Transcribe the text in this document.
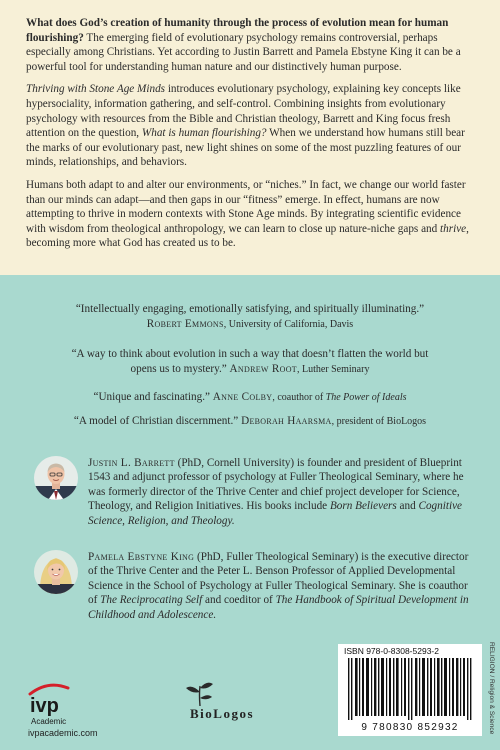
What does God’s creation of humanity through the process of evolution mean for human flourishing? The emerging field of evolutionary psychology remains controversial, perhaps especially among Christians. Yet according to Justin Barrett and Pamela Ebstyne King it can be a powerful tool for understanding human nature and our distinctively human purpose.

Thriving with Stone Age Minds introduces evolutionary psychology, explaining key concepts like hypersociality, information gathering, and self-control. Combining insights from evolutionary psychology with resources from the Bible and Christian theology, Barrett and King focus fresh attention on the question, What is human flourishing? When we understand how humans still bear the marks of our evolutionary past, new light shines on some of the most puzzling features of our minds, relationships, and behaviors.

Humans both adapt to and alter our environments, or “niches.” In fact, we change our world faster than our minds can adapt—and then gaps in our “fitness” emerge. In effect, humans are now attempting to thrive in modern contexts with Stone Age minds. By integrating scientific evidence with wisdom from theological anthropology, we can learn to close up nature-niche gaps and thrive, becoming more what God has created us to be.

“Intellectually engaging, emotionally satisfying, and spiritually illuminating.”
Robert Emmons, University of California, Davis
“A way to think about evolution in such a way that doesn’t flatten the world but
opens us to mystery.” Andrew Root, Luther Seminary
“Unique and fascinating.” Anne Colby, coauthor of The Power of Ideals
“A model of Christian discernment.” Deborah Haarsma, president of BioLogos
Justin L. Barrett (PhD, Cornell University) is founder and president of Blueprint 1543 and adjunct professor of psychology at Fuller Theological Seminary, where he was formerly director of the Thrive Center and chief project developer for Science, Theology, and Religion Initiatives. His books include Born Believers and Cognitive Science, Religion, and Theology.
Pamela Ebstyne King (PhD, Fuller Theological Seminary) is the executive director of the Thrive Center and the Peter L. Benson Professor of Applied Developmental Science in the School of Psychology at Fuller Theological Seminary. She is coauthor of The Reciprocating Self and coeditor of The Handbook of Spiritual Development in Childhood and Adolescence.
ivp
Academic
ivpacademic.com
BioLogos
ISBN 978-0-8308-5293-2
9 780830 852932	RELIGION / Religion & Science
